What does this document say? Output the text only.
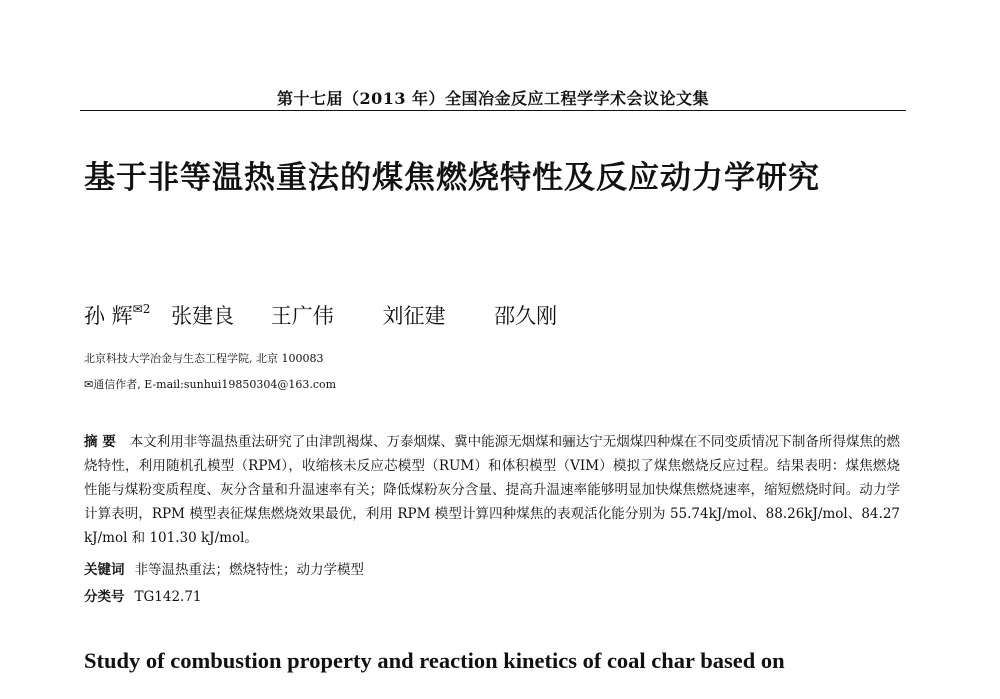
第十七届（2013 年）全国冶金反应工程学学术会议论文集
基于非等温热重法的煤焦燃烧特性及反应动力学研究
孙 辉$^{✉2}$ 张建良 王广伟 刘征建 邵久刚
北京科技大学冶金与生态工程学院, 北京 100083
✉通信作者, E-mail:sunhui19850304@163.com
摘 要 本文利用非等温热重法研究了由津凯褐煤、万泰烟煤、冀中能源无烟煤和骊达宁无烟煤四种煤在不同变质情况下制备所得煤焦的燃烧特性，利用随机孔模型（RPM），收缩核未反应芯模型（RUM）和体积模型（VIM）模拟了煤焦燃烧反应过程。结果表明：煤焦燃烧性能与煤粉变质程度、灰分含量和升温速率有关；降低煤粉灰分含量、提高升温速率能够明显加快煤焦燃烧速率，缩短燃烧时间。动力学计算表明，RPM 模型表征煤焦燃烧效果最优，利用 RPM 模型计算四种煤焦的表观活化能分别为 55.74kJ/mol、88.26kJ/mol、84.27 kJ/mol 和 101.30 kJ/mol。
关键词 非等温热重法；燃烧特性；动力学模型
分类号 TG142.71
Study of combustion property and reaction kinetics of coal char based on
